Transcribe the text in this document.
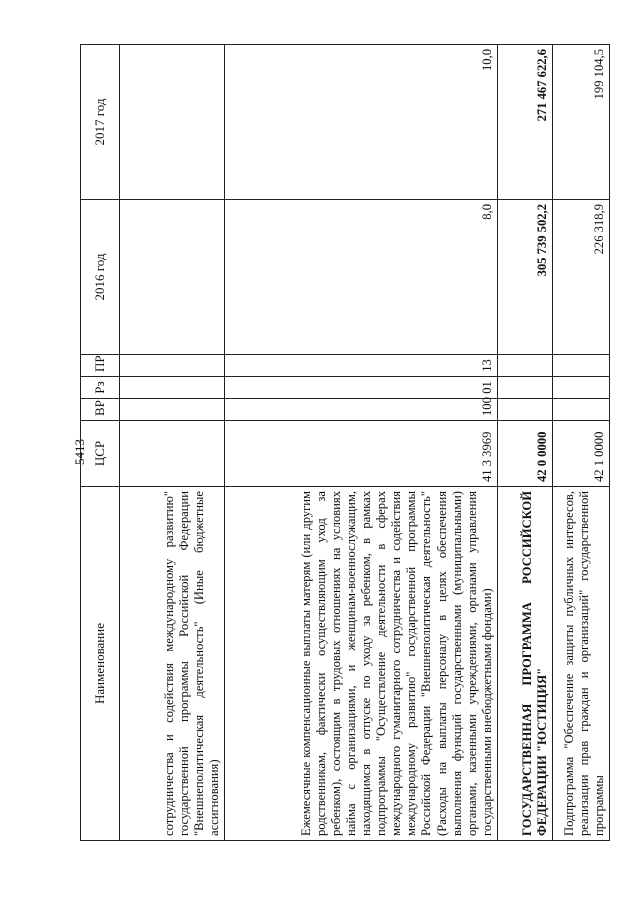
5413
Наименование	ЦСР	ВР	Рз	ПР	2016 год	2017 год
сотрудничества и содействия международному развитию" государственной программы Российской Федерации "Внешнеполитическая деятельность" (Иные бюджетные ассигнования)						
Ежемесячные компенсационные выплаты матерям (или другим родственникам, фактически осуществляющим уход за ребенком), состоящим в трудовых отношениях на условиях найма с организациями, и женщинам-военнослужащим, находящимся в отпуске по уходу за ребенком, в рамках подпрограммы "Осуществление деятельности в сферах международного гуманитарного сотрудничества и содействия международному развитию" государственной программы Российской Федерации "Внешнеполитическая деятельность" (Расходы на выплаты персоналу в целях обеспечения выполнения функций государственными (муниципальными) органами, казенными учреждениями, органами управления государственными внебюджетными фондами)	41 3 3969	100	01	13	8,0	10,0
ГОСУДАРСТВЕННАЯ ПРОГРАММА РОССИЙСКОЙ ФЕДЕРАЦИИ "ЮСТИЦИЯ"	42 0 0000				305 739 502,2	271 467 622,6
Подпрограмма "Обеспечение защиты публичных интересов, реализации прав граждан и организаций" государственной программы	42 1 0000				226 318,9	199 104,5
